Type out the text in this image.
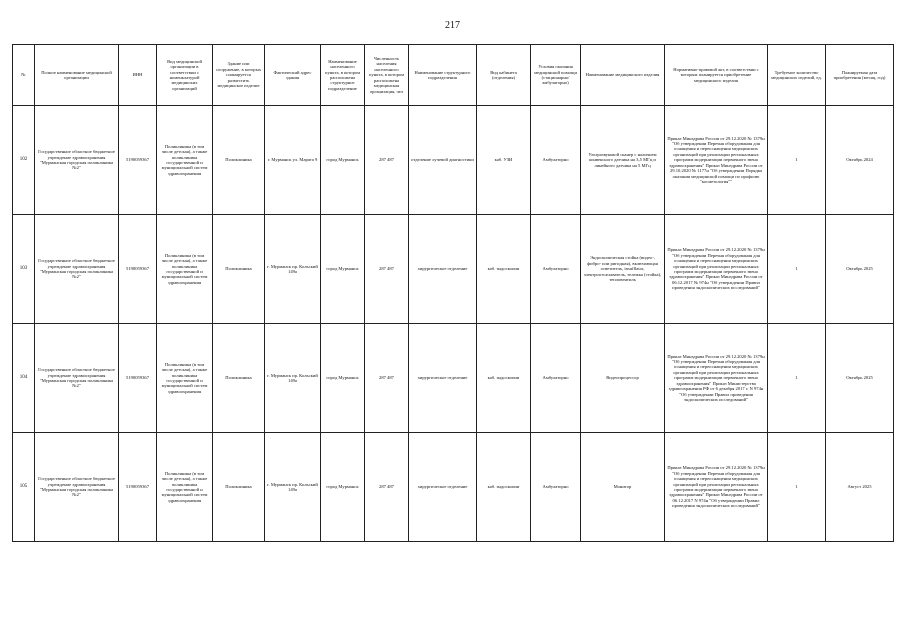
217
№	Полное наименование медицинской организации	ИНН	Вид медицинской организации в соответствии с номенклатурой медицинских организаций	Здание или сооружение, в которых планируется разместить медицинское изделие	Фактический адрес здания	Наименование населенного пункта, в котором расположена структурное подразделение	Численность населения населенного пункта, в котором расположена медицинская организация, чел	Наименование структурного подразделения	Вид кабинета (отделения)	Условия оказания медицинской помощи (стационарно/ амбулаторно)	Наименование медицинского изделия	Нормативно-правовой акт, в соответствии с которым планируется приобретение медицинского изделия	Требуемое количество медицинских изделий, ед.	Планируемая дата приобретения (месяц, год)
102	Государственное областное бюджетное учреждение здравоохранения "Мурманская городская поликлиника №2"	5190059367	Поликлиника (в том числе детская), а также поликлиника государственной и муниципальной систем здравоохранения	Поликлиника	г. Мурманск ул. Марата 9	город Мурманск	287 487	отделение лучевой диагностики	каб. УЗИ	Амбулаторно	Ультразвуковой сканер с наличием конвексного датчика на 3,5 МГц и линейного датчика на 5 МГц	Приказ Минздрава России от 29.12.2020 № 1379н "Об утверждении Перечня оборудования для оснащения и переоснащения медицинских организаций при реализации региональных программ модернизации первичного звена здравоохранения" Приказ Минздрава России от 29.10.2020 № 1177н "Об утверждении Порядка оказания медицинской помощи по профилю "косметология""	1	Октябрь 2024
103	Государственное областное бюджетное учреждение здравоохранения "Мурманская городская поликлиника №2"	5190059367	Поликлиника (в том числе детская), а также поликлиника государственной и муниципальной систем здравоохранения	Поликлиника	г. Мурманск пр. Кольский 149а	город Мурманск	287 487	хирургическое отделение	каб. эндоскопии	Амбулаторно	Эндоскопическая стойка (видео-, фибро- или ригидная), включающая осветитель, insufflator, электроотсасыватель, тележка (стойка), тепловентиль	Приказ Минздрава России от 29.12.2020 № 1379н "Об утверждении Перечня оборудования для оснащения и переоснащения медицинских организаций при реализации региональных программ модернизации первичного звена здравоохранения" Приказ Минздрава России от 06.12.2017 № 974н "Об утверждении Правил проведения эндоскопических исследований"	1	Октябрь 2025
104	Государственное областное бюджетное учреждение здравоохранения "Мурманская городская поликлиника №2"	5190059367	Поликлиника (в том числе детская), а также поликлиника государственной и муниципальной систем здравоохранения	Поликлиника	г. Мурманск пр. Кольский 149а	город Мурманск	287 487	хирургическое отделение	каб. эндоскопии	Амбулаторно	Видеопроцессор	Приказ Минздрава России от 29.12.2020 № 1379н "Об утверждении Перечня оборудования для оснащения и переоснащения медицинских организаций при реализации региональных программ модернизации первичного звена здравоохранения" Приказ Министерства здравоохранения РФ от 6 декабря 2017 г. N 974н "Об утверждении Правил проведения эндоскопических исследований"	1	Октябрь 2025
105	Государственное областное бюджетное учреждение здравоохранения "Мурманская городская поликлиника №2"	5190059367	Поликлиника (в том числе детская), а также поликлиника государственной и муниципальной систем здравоохранения	Поликлиника	г. Мурманск пр. Кольский 149а	город Мурманск	287 487	хирургическое отделение	каб. эндоскопии	Амбулаторно	Монитор	Приказ Минздрава России от 29.12.2020 № 1379н "Об утверждении Перечня оборудования для оснащения и переоснащения медицинских организаций при реализации региональных программ модернизации первичного звена здравоохранения" Приказ Минздрава России от 06.12.2017 N 974н "Об утверждении Правил проведения эндоскопических исследований"	1	Август 2025
